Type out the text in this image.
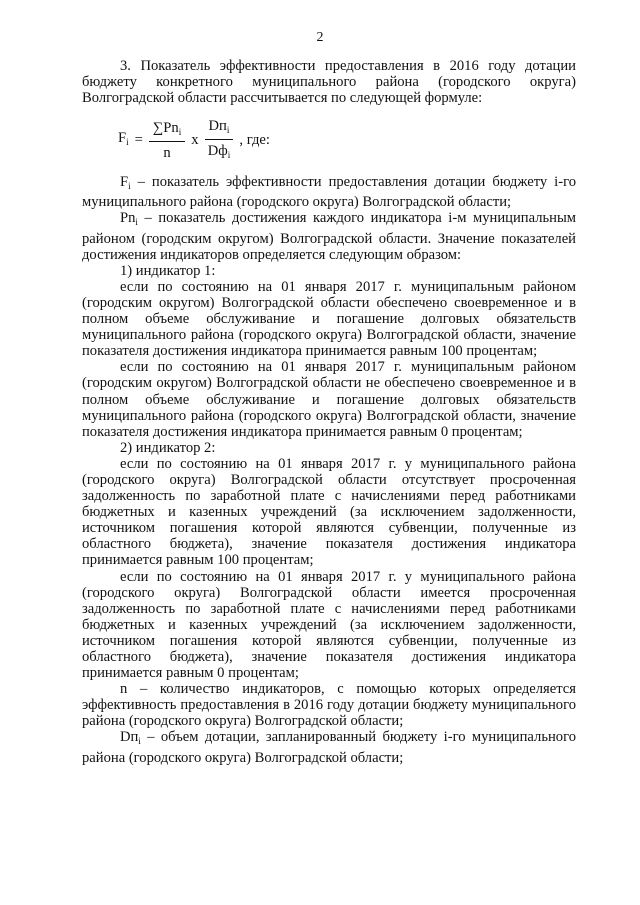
2

3. Показатель эффективности предоставления в 2016 году дотации бюджету конкретного муниципального района (городского округа) Волгоградской области рассчитывается по следующей формуле:

$F_i = \frac{\sum Pn_i}{n}$ x $\frac{Dп_i}{Dф_i}$ , где:

$F_i$ – показатель эффективности предоставления дотации бюджету i-го муниципального района (городского округа) Волгоградской области;

$Pn_i$ – показатель достижения каждого индикатора i-м муниципальным районом (городским округом) Волгоградской области. Значение показателей достижения индикаторов определяется следующим образом:

1) индикатор 1:

если по состоянию на 01 января 2017 г. муниципальным районом (городским округом) Волгоградской области обеспечено своевременное и в полном объеме обслуживание и погашение долговых обязательств муниципального района (городского округа) Волгоградской области, значение показателя достижения индикатора принимается равным 100 процентам;

если по состоянию на 01 января 2017 г. муниципальным районом (городским округом) Волгоградской области не обеспечено своевременное и в полном объеме обслуживание и погашение долговых обязательств муниципального района (городского округа) Волгоградской области, значение показателя достижения индикатора принимается равным 0 процентам;

2) индикатор 2:

если по состоянию на 01 января 2017 г. у муниципального района (городского округа) Волгоградской области отсутствует просроченная задолженность по заработной плате с начислениями перед работниками бюджетных и казенных учреждений (за исключением задолженности, источником погашения которой являются субвенции, полученные из областного бюджета), значение показателя достижения индикатора принимается равным 100 процентам;

если по состоянию на 01 января 2017 г. у муниципального района (городского округа) Волгоградской области имеется просроченная задолженность по заработной плате с начислениями перед работниками бюджетных и казенных учреждений (за исключением задолженности, источником погашения которой являются субвенции, полученные из областного бюджета), значение показателя достижения индикатора принимается равным 0 процентам;

n – количество индикаторов, с помощью которых определяется эффективность предоставления в 2016 году дотации бюджету муниципального района (городского округа) Волгоградской области;

$Dп_i$ – объем дотации, запланированный бюджету i-го муниципального района (городского округа) Волгоградской области;
